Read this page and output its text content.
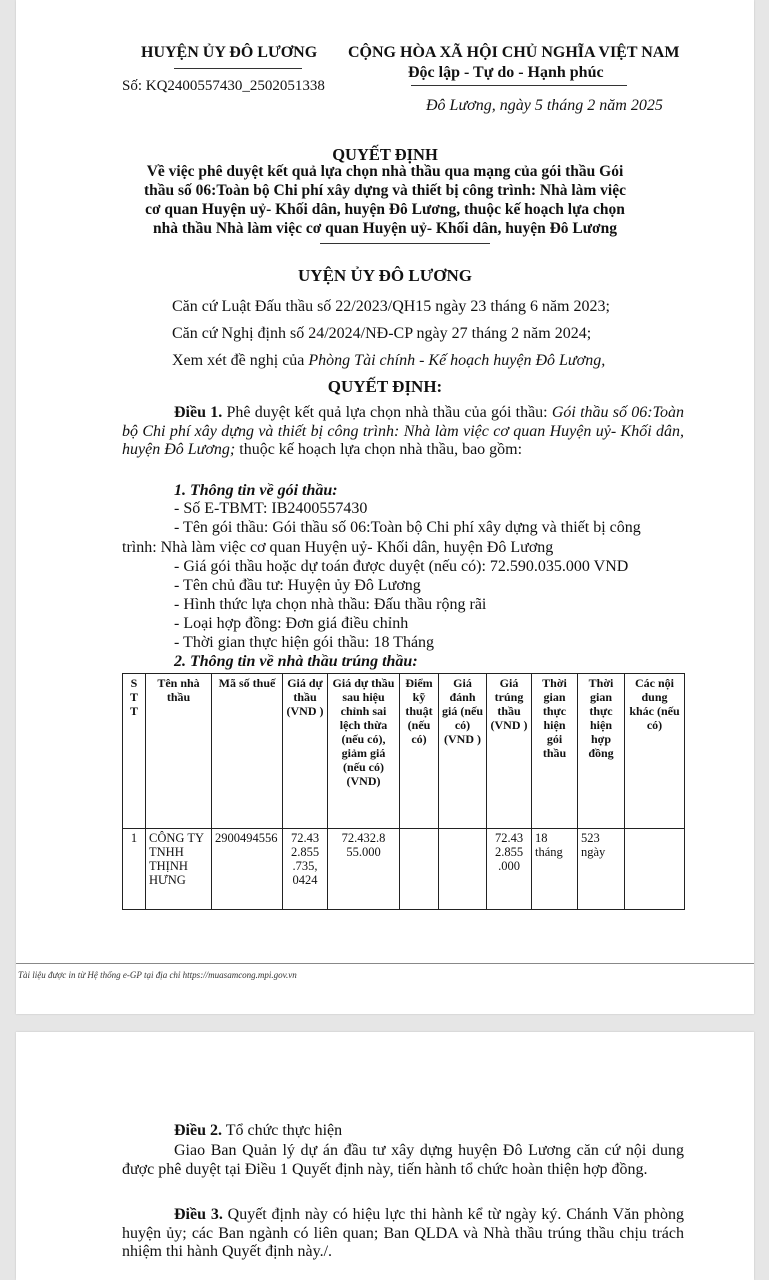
HUYỆN ỦY ĐÔ LƯƠNG
Số: KQ2400557430_2502051338
CỘNG HÒA XÃ HỘI CHỦ NGHĨA VIỆT NAM
Độc lập - Tự do - Hạnh phúc
Đô Lương, ngày 5 tháng 2 năm 2025
QUYẾT ĐỊNH
Về việc phê duyệt kết quả lựa chọn nhà thầu qua mạng của gói thầu Gói
thầu số 06:Toàn bộ Chi phí xây dựng và thiết bị công trình: Nhà làm việc
cơ quan Huyện uỷ- Khối dân, huyện Đô Lương, thuộc kế hoạch lựa chọn
nhà thầu Nhà làm việc cơ quan Huyện uỷ- Khối dân, huyện Đô Lương
UYỆN ỦY ĐÔ LƯƠNG
Căn cứ Luật Đấu thầu số 22/2023/QH15 ngày 23 tháng 6 năm 2023;
Căn cứ Nghị định số 24/2024/NĐ-CP ngày 27 tháng 2 năm 2024;
Xem xét đề nghị của Phòng Tài chính - Kế hoạch huyện Đô Lương,
QUYẾT ĐỊNH:
Điều 1. Phê duyệt kết quả lựa chọn nhà thầu của gói thầu: Gói thầu số 06:Toàn bộ Chi phí xây dựng và thiết bị công trình: Nhà làm việc cơ quan Huyện uỷ- Khối dân, huyện Đô Lương; thuộc kế hoạch lựa chọn nhà thầu, bao gồm:
1. Thông tin về gói thầu:
- Số E-TBMT: IB2400557430
- Tên gói thầu: Gói thầu số 06:Toàn bộ Chi phí xây dựng và thiết bị công
trình: Nhà làm việc cơ quan Huyện uỷ- Khối dân, huyện Đô Lương
- Giá gói thầu hoặc dự toán được duyệt (nếu có): 72.590.035.000 VND
- Tên chủ đầu tư: Huyện ủy Đô Lương
- Hình thức lựa chọn nhà thầu: Đấu thầu rộng rãi
- Loại hợp đồng: Đơn giá điều chỉnh
- Thời gian thực hiện gói thầu: 18 Tháng
2. Thông tin về nhà thầu trúng thầu:
S T T	Tên nhà thầu	Mã số thuế	Giá dự thầu (VND )	Giá dự thầu sau hiệu chỉnh sai lệch thừa (nếu có), giảm giá (nếu có) (VND)	Điểm kỹ thuật (nếu có)	Giá đánh giá (nếu có) (VND )	Giá trúng thầu (VND )	Thời gian thực hiện gói thầu	Thời gian thực hiện hợp đồng	Các nội dung khác (nếu có)
1	CÔNG TY TNHH THỊNH HƯNG	2900494556	72.43 2.855 .735, 0424	72.432.8 55.000			72.43 2.855 .000	18 tháng	523 ngày	
Tài liệu được in từ Hệ thống e-GP tại địa chỉ https://muasamcong.mpi.gov.vn
Điều 2. Tổ chức thực hiện
Giao Ban Quản lý dự án đầu tư xây dựng huyện Đô Lương căn cứ nội dung được phê duyệt tại Điều 1 Quyết định này, tiến hành tổ chức hoàn thiện hợp đồng.
Điều 3. Quyết định này có hiệu lực thi hành kể từ ngày ký. Chánh Văn phòng huyện ủy; các Ban ngành có liên quan; Ban QLDA và Nhà thầu trúng thầu chịu trách nhiệm thi hành Quyết định này./.
